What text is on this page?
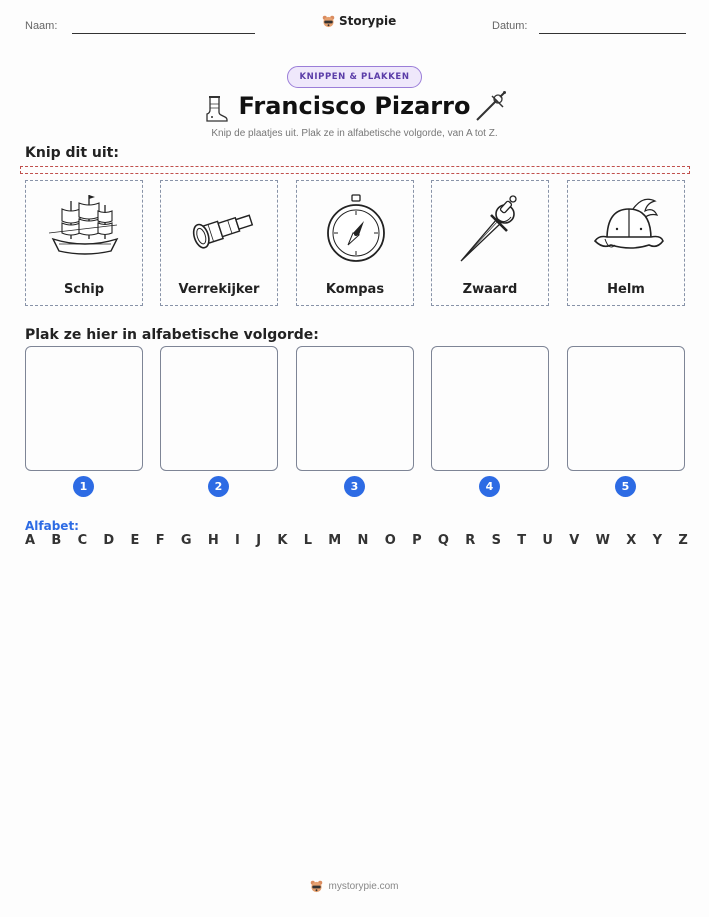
Naam:	Storypie	Datum:
KNIPPEN & PLAKKEN
Francisco Pizarro
Knip de plaatjes uit. Plak ze in alfabetische volgorde, van A tot Z.
Knip dit uit:
Schip	Verrekijker	Kompas	Zwaard	Helm
Plak ze hier in alfabetische volgorde:
1	2	3	4	5
Alfabet:
A B C D E F G H I J K L M N O P Q R S T U V W X Y Z
mystorypie.com
